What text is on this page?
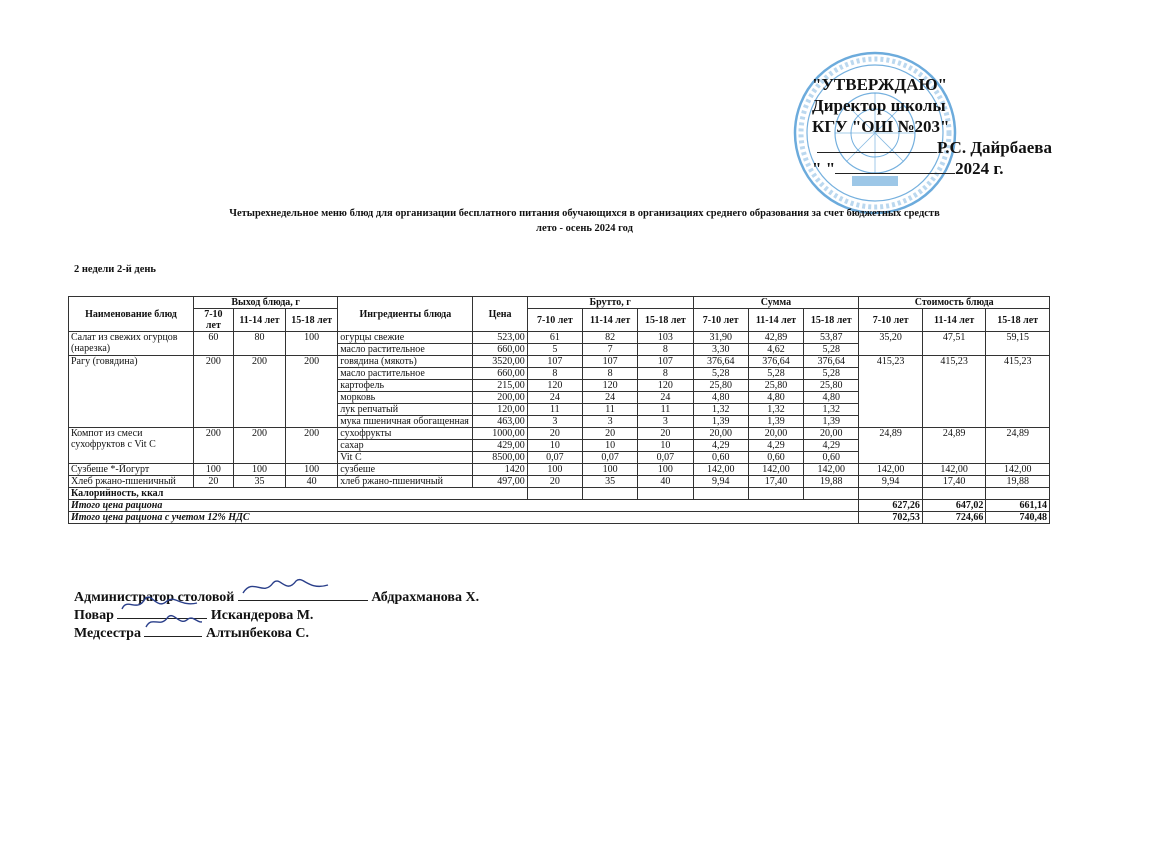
"УТВЕРЖДАЮ"
Директор школы
КГУ "ОШ №203"
Р.С. Дайрбаева
" "	2024 г.
Четырехнедельное меню блюд для организации бесплатного питания обучающихся в организациях среднего образования за счет бюджетных средств
лето - осень 2024 год
2 недели 2-й день
Наименование блюд	Выход блюда, г			Ингредиенты блюда	Цена	Брутто, г			Сумма			Стоимость блюда		
	7-10 лет	11-14 лет	15-18 лет			7-10 лет	11-14 лет	15-18 лет	7-10 лет	11-14 лет	15-18 лет	7-10 лет	11-14 лет	15-18 лет
Салат из свежих огурцов (нарезка)	60	80	100	огурцы свежие	523,00	61	82	103	31,90	42,89	53,87	35,20	47,51	59,15
				масло растительное	660,00	5	7	8	3,30	4,62	5,28			
Рагу (говядина)	200	200	200	говядина (мякоть)	3520,00	107	107	107	376,64	376,64	376,64	415,23	415,23	415,23
				масло растительное	660,00	8	8	8	5,28	5,28	5,28			
				картофель	215,00	120	120	120	25,80	25,80	25,80			
				морковь	200,00	24	24	24	4,80	4,80	4,80			
				лук репчатый	120,00	11	11	11	1,32	1,32	1,32			
				мука пшеничная обогащенная	463,00	3	3	3	1,39	1,39	1,39			
Компот из смеси сухофруктов с Vit C	200	200	200	сухофрукты	1000,00	20	20	20	20,00	20,00	20,00	24,89	24,89	24,89
				сахар	429,00	10	10	10	4,29	4,29	4,29			
				Vit C	8500,00	0,07	0,07	0,07	0,60	0,60	0,60			
Сузбеше *-Йогурт	100	100	100	сузбеше	1420	100	100	100	142,00	142,00	142,00	142,00	142,00	142,00
Хлеб ржано-пшеничный	20	35	40	хлеб ржано-пшеничный	497,00	20	35	40	9,94	17,40	19,88	9,94	17,40	19,88
Калорийность, ккал														
Итого цена рациона												627,26	647,02	661,14
Итого цена рациона с учетом 12% НДС												702,53	724,66	740,48
Администратор столовой	Абдрахманова Х.
Повар	Искандерова М.
Медсестра	Алтынбекова С.
